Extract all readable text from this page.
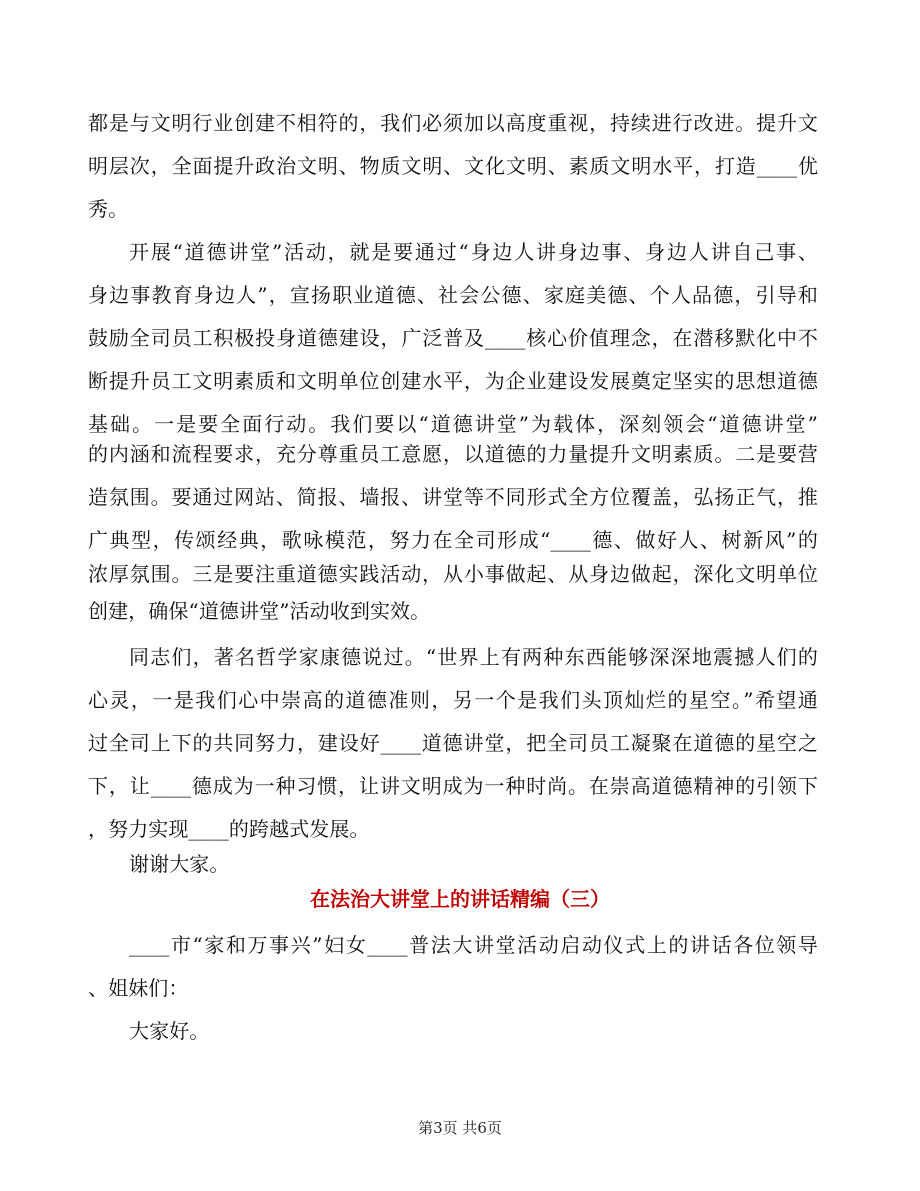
都是与文明行业创建不相符的，我们必须加以高度重视，持续进行改进。提升文
明层次，全面提升政治文明、物质文明、文化文明、素质文明水平，打造____优
秀。
开展“道德讲堂”活动，就是要通过“身边人讲身边事、身边人讲自己事、
身边事教育身边人”，宣扬职业道德、社会公德、家庭美德、个人品德，引导和
鼓励全司员工积极投身道德建设，广泛普及____核心价值理念，在潜移默化中不
断提升员工文明素质和文明单位创建水平，为企业建设发展奠定坚实的思想道德
基础。一是要全面行动。我们要以“道德讲堂”为载体，深刻领会“道德讲堂”
的内涵和流程要求，充分尊重员工意愿，以道德的力量提升文明素质。二是要营
造氛围。要通过网站、简报、墙报、讲堂等不同形式全方位覆盖，弘扬正气，推
广典型，传颂经典，歌咏模范，努力在全司形成“____德、做好人、树新风”的
浓厚氛围。三是要注重道德实践活动，从小事做起、从身边做起，深化文明单位
创建，确保“道德讲堂”活动收到实效。
同志们，著名哲学家康德说过。“世界上有两种东西能够深深地震撼人们的
心灵，一是我们心中崇高的道德准则，另一个是我们头顶灿烂的星空。”希望通
过全司上下的共同努力，建设好____道德讲堂，把全司员工凝聚在道德的星空之
下，让____德成为一种习惯，让讲文明成为一种时尚。在崇高道德精神的引领下
，努力实现____的跨越式发展。
谢谢大家。
在法治大讲堂上的讲话精编（三）
____市“家和万事兴”妇女____普法大讲堂活动启动仪式上的讲话各位领导
、姐妹们：
大家好。
第3页 共6页
